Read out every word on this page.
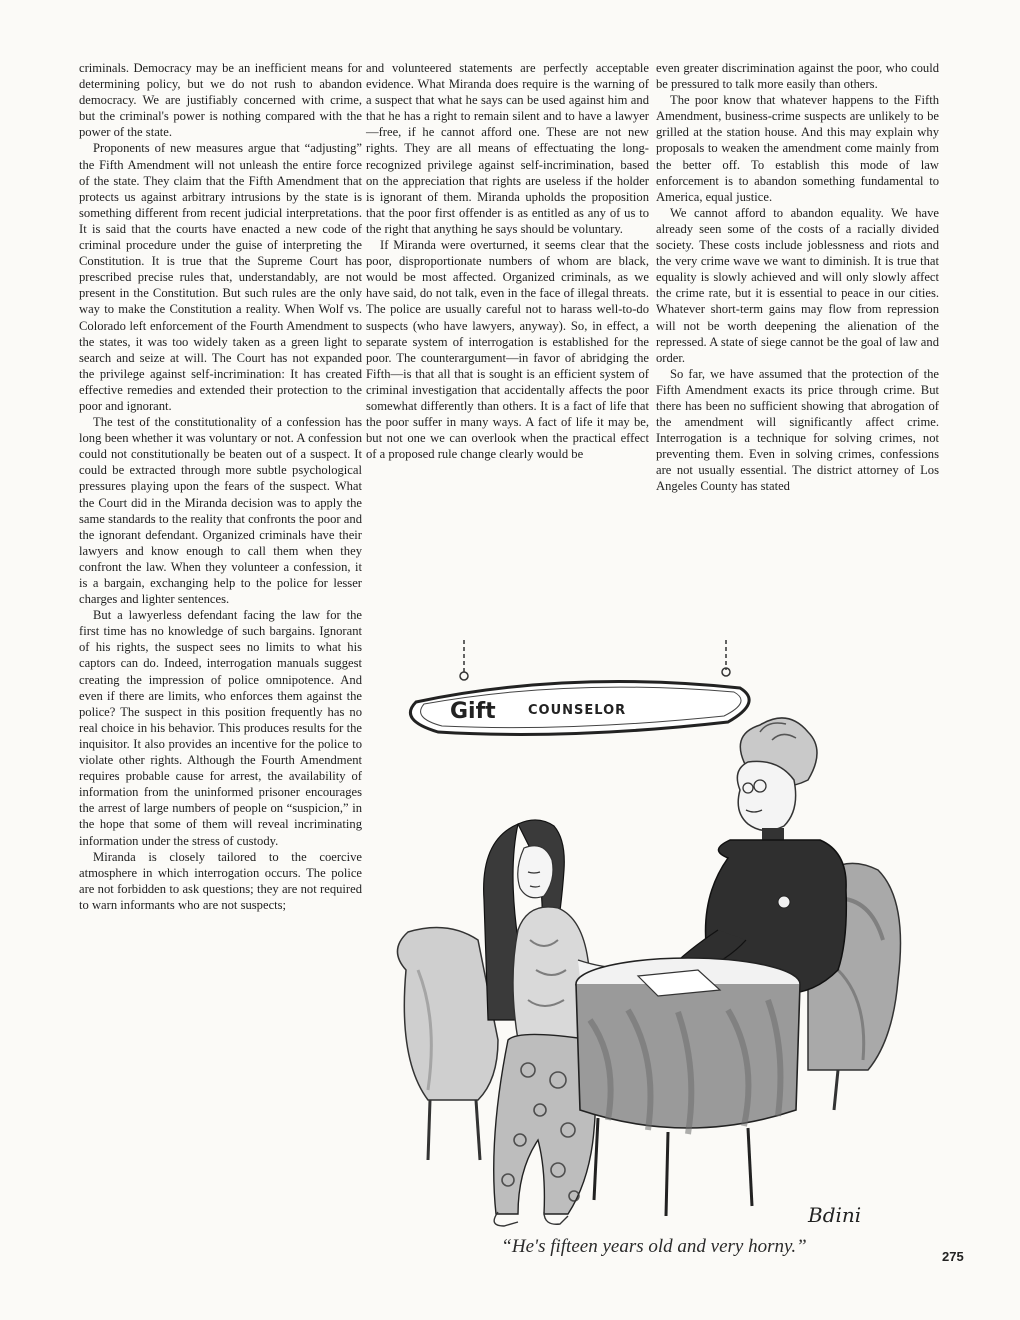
criminals. Democracy may be an inefficient means for determining policy, but we do not rush to abandon democracy. We are justifiably concerned with crime, but the criminal's power is nothing compared with the power of the state.

Proponents of new measures argue that “adjusting” the Fifth Amendment will not unleash the entire force of the state. They claim that the Fifth Amendment that protects us against arbitrary intrusions by the state is something different from recent judicial interpretations. It is said that the courts have enacted a new code of criminal procedure under the guise of interpreting the Constitution. It is true that the Supreme Court has prescribed precise rules that, understandably, are not present in the Constitution. But such rules are the only way to make the Constitution a reality. When Wolf vs. Colorado left enforcement of the Fourth Amendment to the states, it was too widely taken as a green light to search and seize at will. The Court has not expanded the privilege against self-incrimination: It has created effective remedies and extended their protection to the poor and ignorant.

The test of the constitutionality of a confession has long been whether it was voluntary or not. A confession could not constitutionally be beaten out of a suspect. It could be extracted through more subtle psychological pressures playing upon the fears of the suspect. What the Court did in the Miranda decision was to apply the same standards to the reality that confronts the poor and the ignorant defendant. Organized criminals have their lawyers and know enough to call them when they confront the law. When they volunteer a confession, it is a bargain, exchanging help to the police for lesser charges and lighter sentences.

But a lawyerless defendant facing the law for the first time has no knowledge of such bargains. Ignorant of his rights, the suspect sees no limits to what his captors can do. Indeed, interrogation manuals suggest creating the impression of police omnipotence. And even if there are limits, who enforces them against the police? The suspect in this position frequently has no real choice in his behavior. This produces results for the inquisitor. It also provides an incentive for the police to violate other rights. Although the Fourth Amendment requires probable cause for arrest, the availability of information from the uninformed prisoner encourages the arrest of large numbers of people on “suspicion,” in the hope that some of them will reveal incriminating information under the stress of custody.

Miranda is closely tailored to the coercive atmosphere in which interrogation occurs. The police are not forbidden to ask questions; they are not required to warn informants who are not suspects;

and volunteered statements are perfectly acceptable evidence. What Miranda does require is the warning of a suspect that what he says can be used against him and that he has a right to remain silent and to have a lawyer—free, if he cannot afford one. These are not new rights. They are all means of effectuating the long-recognized privilege against self-incrimination, based on the appreciation that rights are useless if the holder is ignorant of them. Miranda upholds the proposition that the poor first offender is as entitled as any of us to the right that anything he says should be voluntary.

If Miranda were overturned, it seems clear that the poor, disproportionate numbers of whom are black, would be most affected. Organized criminals, as we have said, do not talk, even in the face of illegal threats. The police are usually careful not to harass well-to-do suspects (who have lawyers, anyway). So, in effect, a separate system of interrogation is established for the poor. The counterargument—in favor of abridging the Fifth—is that all that is sought is an efficient system of criminal investigation that accidentally affects the poor somewhat differently than others. It is a fact of life that the poor suffer in many ways. A fact of life it may be, but not one we can overlook when the practical effect of a proposed rule change clearly would be

even greater discrimination against the poor, who could be pressured to talk more easily than others.

The poor know that whatever happens to the Fifth Amendment, business-crime suspects are unlikely to be grilled at the station house. And this may explain why proposals to weaken the amendment come mainly from the better off. To establish this mode of law enforcement is to abandon something fundamental to America, equal justice.

We cannot afford to abandon equality. We have already seen some of the costs of a racially divided society. These costs include joblessness and riots and the very crime wave we want to diminish. It is true that equality is slowly achieved and will only slowly affect the crime rate, but it is essential to peace in our cities. Whatever short-term gains may flow from repression will not be worth deepening the alienation of the repressed. A state of siege cannot be the goal of law and order.

So far, we have assumed that the protection of the Fifth Amendment exacts its price through crime. But there has been no sufficient showing that abrogation of the amendment will significantly affect crime. Interrogation is a technique for solving crimes, not preventing them. Even in solving crimes, confessions are not usually essential. The district attorney of Los Angeles County has stated

Gift COUNSELOR
Bdini
“He's fifteen years old and very horny.”	275
